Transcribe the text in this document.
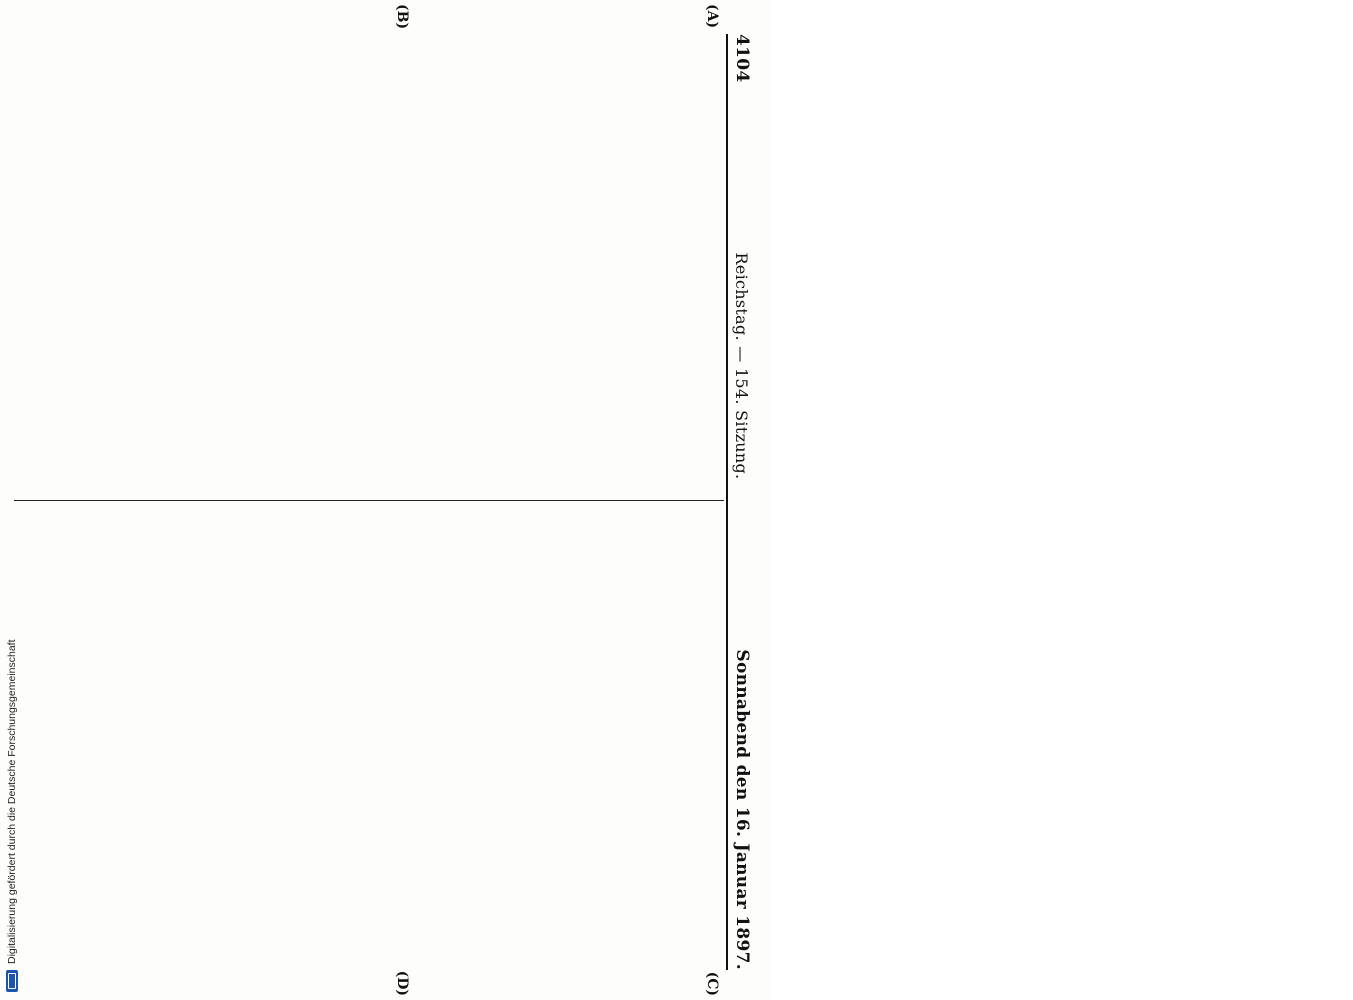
4104
Reichstag. — 154. Sitzung.
Sonnabend den 16. Januar 1897.
(A)
(B)
(C)
(D)
Digitalisierung gefördert durch die Deutsche Forschungsgemeinschaft
